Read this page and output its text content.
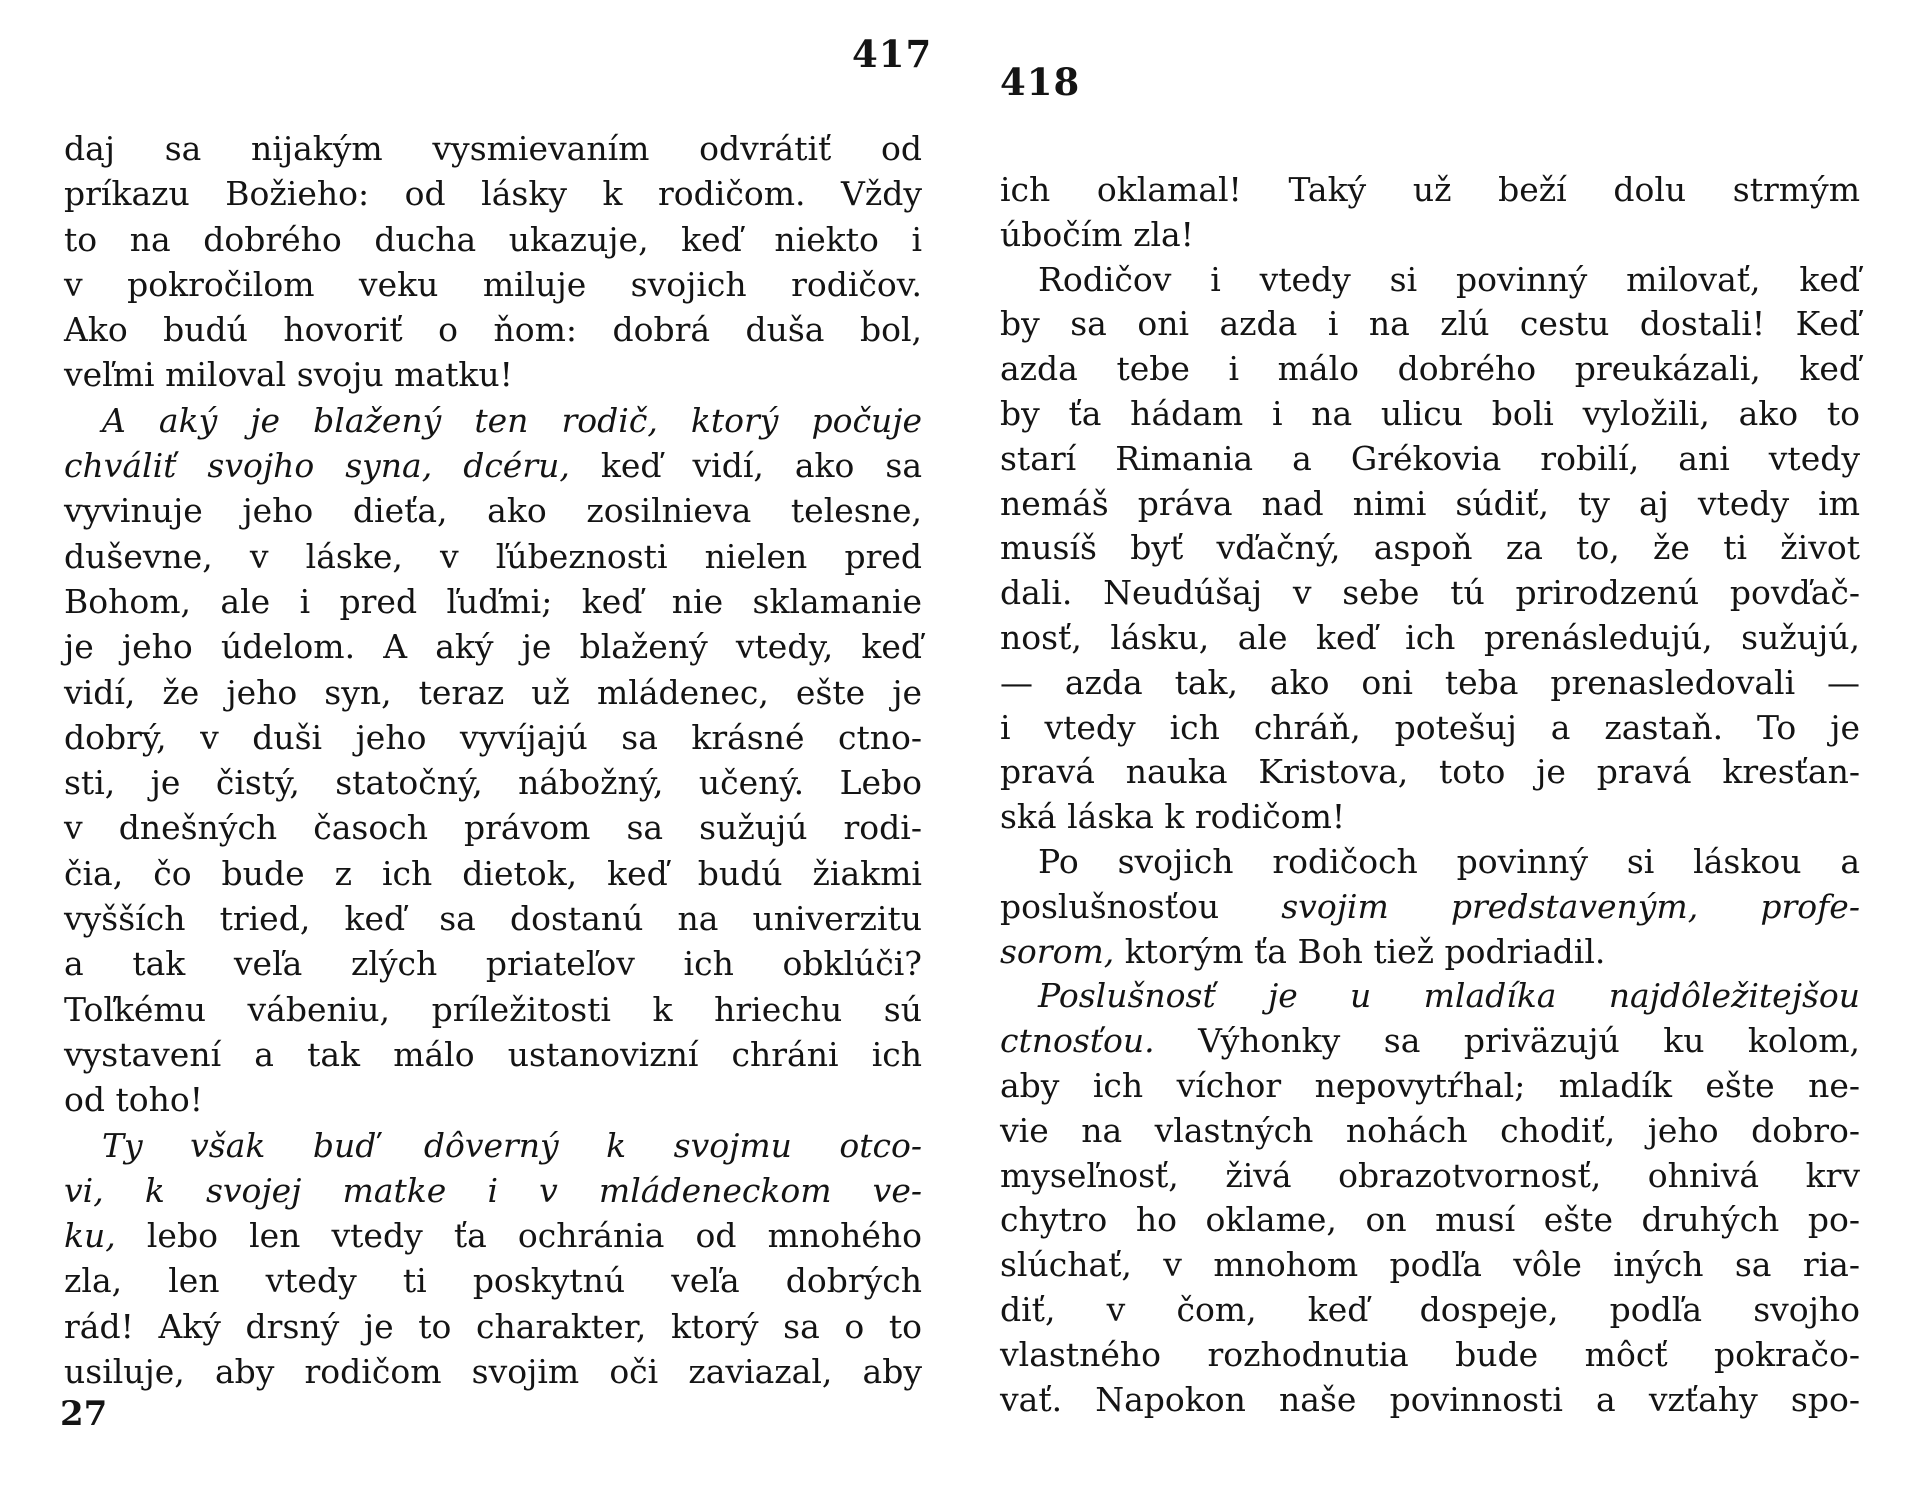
417
418
daj sa nijakým vysmievaním odvrátiť od
príkazu Božieho: od lásky k rodičom. Vždy
to na dobrého ducha ukazuje, keď niekto i
v pokročilom veku miluje svojich rodičov.
Ako budú hovoriť o ňom: dobrá duša bol,
veľmi miloval svoju matku!
A aký je blažený ten rodič, ktorý počuje
chváliť svojho syna, dcéru, keď vidí, ako sa
vyvinuje jeho dieťa, ako zosilnieva telesne,
duševne, v láske, v ľúbeznosti nielen pred
Bohom, ale i pred ľuďmi; keď nie sklamanie
je jeho údelom. A aký je blažený vtedy, keď
vidí, že jeho syn, teraz už mládenec, ešte je
dobrý, v duši jeho vyvíjajú sa krásné ctno-
sti, je čistý, statočný, nábožný, učený. Lebo
v dnešných časoch právom sa sužujú rodi-
čia, čo bude z ich dietok, keď budú žiakmi
vyšších tried, keď sa dostanú na univerzitu
a tak veľa zlých priateľov ich obklúči?
Toľkému vábeniu, príležitosti k hriechu sú
vystavení a tak málo ustanovizní chráni ich
od toho!
Ty však buď dôverný k svojmu otco-
vi, k svojej matke i v mládeneckom ve-
ku, lebo len vtedy ťa ochránia od mnohého
zla, len vtedy ti poskytnú veľa dobrých
rád! Aký drsný je to charakter, ktorý sa o to
usiluje, aby rodičom svojim oči zaviazal, aby
ich oklamal! Taký už beží dolu strmým
úbočím zla!
Rodičov i vtedy si povinný milovať, keď
by sa oni azda i na zlú cestu dostali! Keď
azda tebe i málo dobrého preukázali, keď
by ťa hádam i na ulicu boli vyložili, ako to
starí Rimania a Grékovia robilí, ani vtedy
nemáš práva nad nimi súdiť, ty aj vtedy im
musíš byť vďačný, aspoň za to, že ti život
dali. Neudúšaj v sebe tú prirodzenú povďač-
nosť, lásku, ale keď ich prenásledujú, sužujú,
— azda tak, ako oni teba prenasledovali —
i vtedy ich chráň, potešuj a zastaň. To je
pravá nauka Kristova, toto je pravá kresťan-
ská láska k rodičom!
Po svojich rodičoch povinný si láskou a
poslušnosťou svojim predstaveným, profe-
sorom, ktorým ťa Boh tiež podriadil.
Poslušnosť je u mladíka najdôležitejšou
ctnosťou. Výhonky sa priväzujú ku kolom,
aby ich víchor nepovytŕhal; mladík ešte ne-
vie na vlastných nohách chodiť, jeho dobro-
myseľnosť, živá obrazotvornosť, ohnivá krv
chytro ho oklame, on musí ešte druhých po-
slúchať, v mnohom podľa vôle iných sa ria-
diť, v čom, keď dospeje, podľa svojho
vlastného rozhodnutia bude môcť pokračo-
vať. Napokon naše povinnosti a vzťahy spo-
27
